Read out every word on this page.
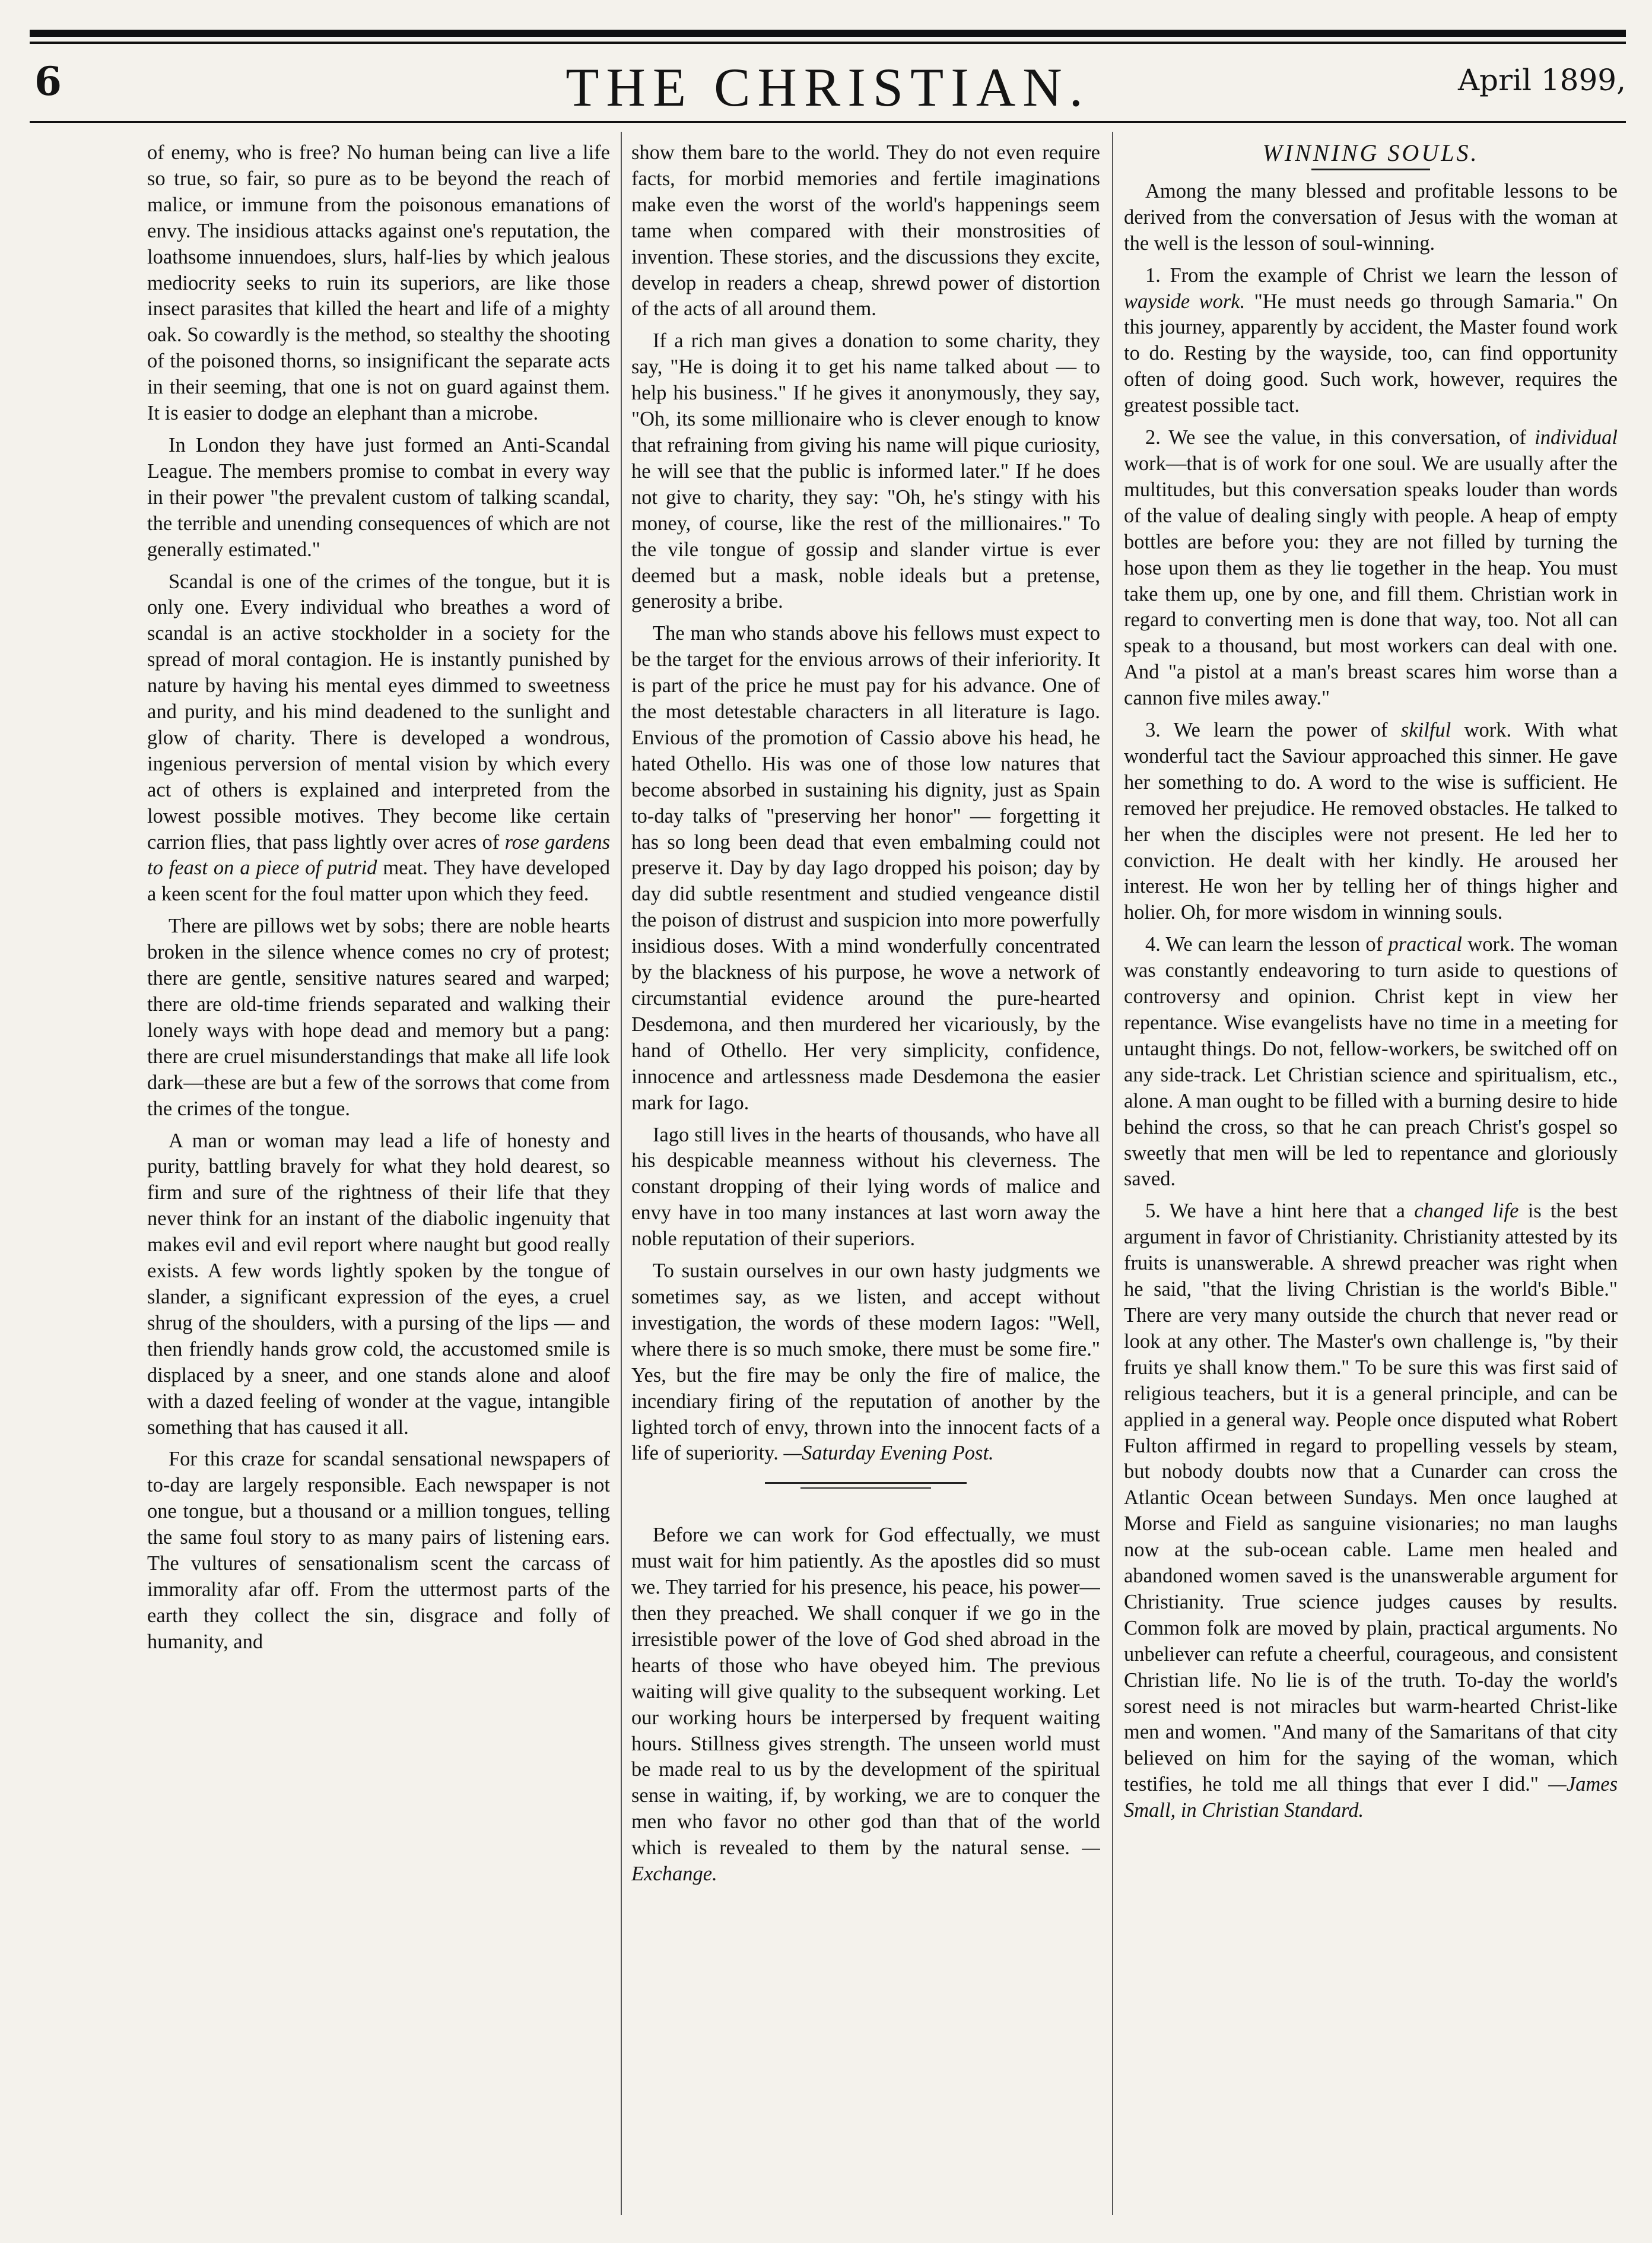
6	THE CHRISTIAN.	April 1899,

of enemy, who is free? No human being can live a life so true, so fair, so pure as to be beyond the reach of malice, or immune from the poisonous emanations of envy. The insidious attacks against one's reputation, the loathsome innuendoes, slurs, half-lies by which jealous mediocrity seeks to ruin its superiors, are like those insect parasites that killed the heart and life of a mighty oak. So cowardly is the method, so stealthy the shooting of the poisoned thorns, so insignificant the separate acts in their seeming, that one is not on guard against them. It is easier to dodge an elephant than a microbe.

In London they have just formed an Anti-Scandal League. The members promise to combat in every way in their power "the prevalent custom of talking scandal, the terrible and unending consequences of which are not generally estimated."

Scandal is one of the crimes of the tongue, but it is only one. Every individual who breathes a word of scandal is an active stockholder in a society for the spread of moral contagion. He is instantly punished by nature by having his mental eyes dimmed to sweetness and purity, and his mind deadened to the sunlight and glow of charity. There is developed a wondrous, ingenious perversion of mental vision by which every act of others is explained and interpreted from the lowest possible motives. They become like certain carrion flies, that pass lightly over acres of rose gardens to feast on a piece of putrid meat. They have developed a keen scent for the foul matter upon which they feed.

There are pillows wet by sobs; there are noble hearts broken in the silence whence comes no cry of protest; there are gentle, sensitive natures seared and warped; there are old-time friends separated and walking their lonely ways with hope dead and memory but a pang: there are cruel misunderstandings that make all life look dark—these are but a few of the sorrows that come from the crimes of the tongue.

A man or woman may lead a life of honesty and purity, battling bravely for what they hold dearest, so firm and sure of the rightness of their life that they never think for an instant of the diabolic ingenuity that makes evil and evil report where naught but good really exists. A few words lightly spoken by the tongue of slander, a significant expression of the eyes, a cruel shrug of the shoulders, with a pursing of the lips — and then friendly hands grow cold, the accustomed smile is displaced by a sneer, and one stands alone and aloof with a dazed feeling of wonder at the vague, intangible something that has caused it all.

For this craze for scandal sensational newspapers of to-day are largely responsible. Each newspaper is not one tongue, but a thousand or a million tongues, telling the same foul story to as many pairs of listening ears. The vultures of sensationalism scent the carcass of immorality afar off. From the uttermost parts of the earth they collect the sin, disgrace and folly of humanity, and

show them bare to the world. They do not even require facts, for morbid memories and fertile imaginations make even the worst of the world's happenings seem tame when compared with their monstrosities of invention. These stories, and the discussions they excite, develop in readers a cheap, shrewd power of distortion of the acts of all around them.

If a rich man gives a donation to some charity, they say, "He is doing it to get his name talked about — to help his business." If he gives it anonymously, they say, "Oh, its some millionaire who is clever enough to know that refraining from giving his name will pique curiosity, he will see that the public is informed later." If he does not give to charity, they say: "Oh, he's stingy with his money, of course, like the rest of the millionaires." To the vile tongue of gossip and slander virtue is ever deemed but a mask, noble ideals but a pretense, generosity a bribe.

The man who stands above his fellows must expect to be the target for the envious arrows of their inferiority. It is part of the price he must pay for his advance. One of the most detestable characters in all literature is Iago. Envious of the promotion of Cassio above his head, he hated Othello. His was one of those low natures that become absorbed in sustaining his dignity, just as Spain to-day talks of "preserving her honor" — forgetting it has so long been dead that even embalming could not preserve it. Day by day Iago dropped his poison; day by day did subtle resentment and studied vengeance distil the poison of distrust and suspicion into more powerfully insidious doses. With a mind wonderfully concentrated by the blackness of his purpose, he wove a network of circumstantial evidence around the pure-hearted Desdemona, and then murdered her vicariously, by the hand of Othello. Her very simplicity, confidence, innocence and artlessness made Desdemona the easier mark for Iago.

Iago still lives in the hearts of thousands, who have all his despicable meanness without his cleverness. The constant dropping of their lying words of malice and envy have in too many instances at last worn away the noble reputation of their superiors.

To sustain ourselves in our own hasty judgments we sometimes say, as we listen, and accept without investigation, the words of these modern Iagos: "Well, where there is so much smoke, there must be some fire." Yes, but the fire may be only the fire of malice, the incendiary firing of the reputation of another by the lighted torch of envy, thrown into the innocent facts of a life of superiority. —Saturday Evening Post.

Before we can work for God effectually, we must must wait for him patiently. As the apostles did so must we. They tarried for his presence, his peace, his power—then they preached. We shall conquer if we go in the irresistible power of the love of God shed abroad in the hearts of those who have obeyed him. The previous waiting will give quality to the subsequent working. Let our working hours be interpersed by frequent waiting hours. Stillness gives strength. The unseen world must be made real to us by the development of the spiritual sense in waiting, if, by working, we are to conquer the men who favor no other god than that of the world which is revealed to them by the natural sense. —Exchange.

WINNING SOULS.

Among the many blessed and profitable lessons to be derived from the conversation of Jesus with the woman at the well is the lesson of soul-winning.

1. From the example of Christ we learn the lesson of wayside work. "He must needs go through Samaria." On this journey, apparently by accident, the Master found work to do. Resting by the wayside, too, can find opportunity often of doing good. Such work, however, requires the greatest possible tact.

2. We see the value, in this conversation, of individual work—that is of work for one soul. We are usually after the multitudes, but this conversation speaks louder than words of the value of dealing singly with people. A heap of empty bottles are before you: they are not filled by turning the hose upon them as they lie together in the heap. You must take them up, one by one, and fill them. Christian work in regard to converting men is done that way, too. Not all can speak to a thousand, but most workers can deal with one. And "a pistol at a man's breast scares him worse than a cannon five miles away."

3. We learn the power of skilful work. With what wonderful tact the Saviour approached this sinner. He gave her something to do. A word to the wise is sufficient. He removed her prejudice. He removed obstacles. He talked to her when the disciples were not present. He led her to conviction. He dealt with her kindly. He aroused her interest. He won her by telling her of things higher and holier. Oh, for more wisdom in winning souls.

4. We can learn the lesson of practical work. The woman was constantly endeavoring to turn aside to questions of controversy and opinion. Christ kept in view her repentance. Wise evangelists have no time in a meeting for untaught things. Do not, fellow-workers, be switched off on any side-track. Let Christian science and spiritualism, etc., alone. A man ought to be filled with a burning desire to hide behind the cross, so that he can preach Christ's gospel so sweetly that men will be led to repentance and gloriously saved.

5. We have a hint here that a changed life is the best argument in favor of Christianity. Christianity attested by its fruits is unanswerable. A shrewd preacher was right when he said, "that the living Christian is the world's Bible." There are very many outside the church that never read or look at any other. The Master's own challenge is, "by their fruits ye shall know them." To be sure this was first said of religious teachers, but it is a general principle, and can be applied in a general way. People once disputed what Robert Fulton affirmed in regard to propelling vessels by steam, but nobody doubts now that a Cunarder can cross the Atlantic Ocean between Sundays. Men once laughed at Morse and Field as sanguine visionaries; no man laughs now at the sub-ocean cable. Lame men healed and abandoned women saved is the unanswerable argument for Christianity. True science judges causes by results. Common folk are moved by plain, practical arguments. No unbeliever can refute a cheerful, courageous, and consistent Christian life. No lie is of the truth. To-day the world's sorest need is not miracles but warm-hearted Christ-like men and women. "And many of the Samaritans of that city believed on him for the saying of the woman, which testifies, he told me all things that ever I did." —James Small, in Christian Standard.
